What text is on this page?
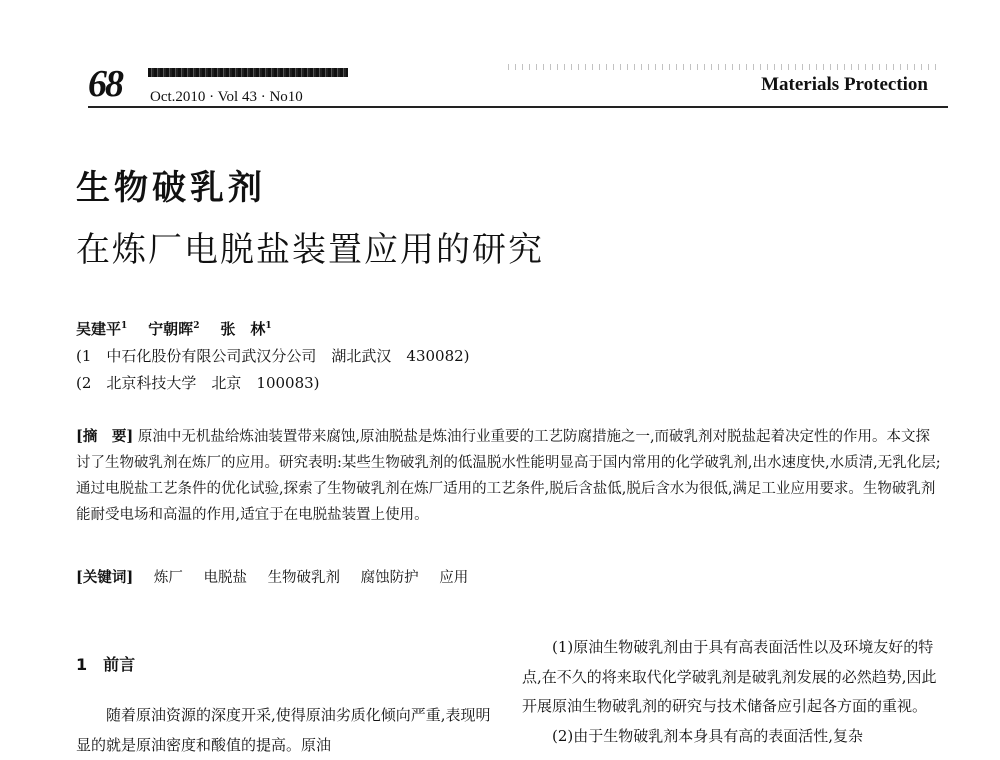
68 Oct.2010 · Vol 43 · No10
Materials Protection
生物破乳剂
在炼厂电脱盐装置应用的研究
吴建平$^1$ 宁朝晖$^2$ 张　林$^1$
(1　中石化股份有限公司武汉分公司　湖北武汉　430082)
(2　北京科技大学　北京　100083)
[摘　要] 原油中无机盐给炼油装置带来腐蚀,原油脱盐是炼油行业重要的工艺防腐措施之一,而破乳剂对脱盐起着决定性的作用。本文探讨了生物破乳剂在炼厂的应用。研究表明:某些生物破乳剂的低温脱水性能明显高于国内常用的化学破乳剂,出水速度快,水质清,无乳化层;通过电脱盐工艺条件的优化试验,探索了生物破乳剂在炼厂适用的工艺条件,脱后含盐低,脱后含水为很低,满足工业应用要求。生物破乳剂能耐受电场和高温的作用,适宜于在电脱盐装置上使用。
[关键词] 炼厂 电脱盐 生物破乳剂 腐蚀防护 应用
1　前言
随着原油资源的深度开采,使得原油劣质化倾向严重,表现明显的就是原油密度和酸值的提高。原油
(1)原油生物破乳剂由于具有高表面活性以及环境友好的特点,在不久的将来取代化学破乳剂是破乳剂发展的必然趋势,因此开展原油生物破乳剂的研究与技术储备应引起各方面的重视。
(2)由于生物破乳剂本身具有高的表面活性,复杂
